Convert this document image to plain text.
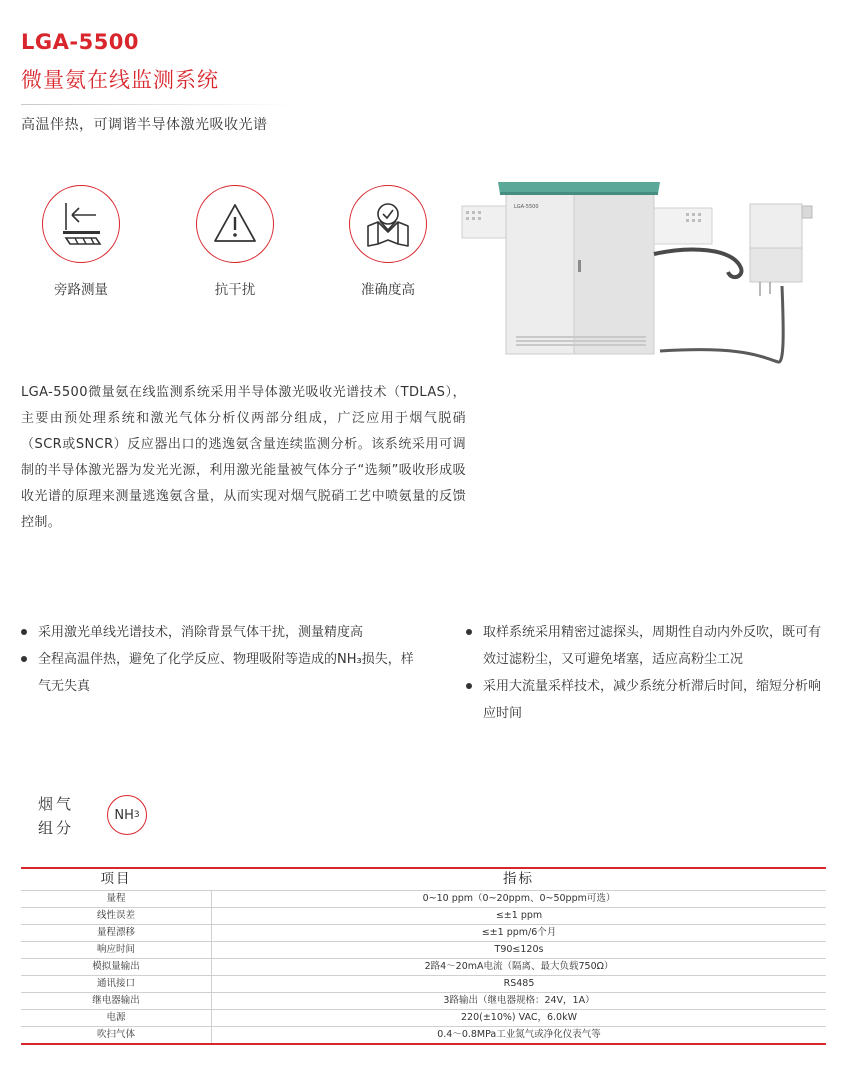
LGA-5500
微量氨在线监测系统
高温伴热，可调谐半导体激光吸收光谱
旁路测量	抗干扰	准确度高
LGA-5500
LGA-5500微量氨在线监测系统采用半导体激光吸收光谱技术（TDLAS），主要由预处理系统和激光气体分析仪两部分组成，广泛应用于烟气脱硝（SCR或SNCR）反应器出口的逃逸氨含量连续监测分析。该系统采用可调制的半导体激光器为发光光源，利用激光能量被气体分子“选频”吸收形成吸收光谱的原理来测量逃逸氨含量，从而实现对烟气脱硝工艺中喷氨量的反馈控制。
采用激光单线光谱技术，消除背景气体干扰，测量精度高
全程高温伴热，避免了化学反应、物理吸附等造成的NH₃损失，样气无失真
取样系统采用精密过滤探头，周期性自动内外反吹，既可有效过滤粉尘，又可避免堵塞，适应高粉尘工况
采用大流量采样技术，减少系统分析滞后时间，缩短分析响应时间
烟气
组分
NH 3
项目	指标
量程	0~10 ppm（0~20ppm、0~50ppm可选）
线性误差	≤±1 ppm
量程漂移	≤±1 ppm/6个月
响应时间	T90≤120s
模拟量输出	2路4～20mA电流（隔离、最大负载750Ω）
通讯接口	RS485
继电器输出	3路输出（继电器规格：24V，1A）
电源	220(±10%) VAC，6.0kW
吹扫气体	0.4～0.8MPa工业氮气或净化仪表气等
